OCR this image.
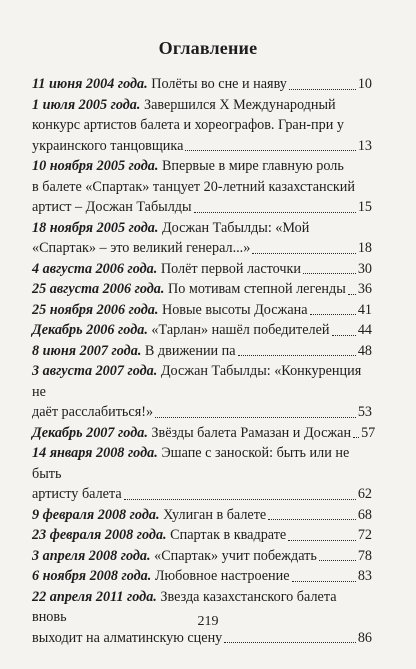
Оглавление
11 июня 2004 года. Полёты во сне и наяву	10
1 июля 2005 года. Завершился X Международный
конкурс артистов балета и хореографов. Гран-при у
украинского танцовщика	13
10 ноября 2005 года. Впервые в мире главную роль
в балете «Спартак» танцует 20-летний казахстанский
артист – Досжан Табылды	15
18 ноября 2005 года. Досжан Табылды: «Мой
«Спартак» – это великий генерал...»	18
4 августа 2006 года. Полёт первой ласточки	30
25 августа 2006 года. По мотивам степной легенды 36
25 ноября 2006 года. Новые высоты Досжана	41
Декабрь 2006 года. «Тарлан» нашёл победителей 44
8 июня 2007 года. В движении па	48
3 августа 2007 года. Досжан Табылды: «Конкуренция не
даёт расслабиться!»	53
Декабрь 2007 года. Звёзды балета Рамазан и Досжан 57
14 января 2008 года. Эшапе с заноской: быть или не быть
артисту балета	62
9 февраля 2008 года. Хулиган в балете	68
23 февраля 2008 года. Спартак в квадрате	72
3 апреля 2008 года. «Спартак» учит побеждать	78
6 ноября 2008 года. Любовное настроение	83
22 апреля 2011 года. Звезда казахстанского балета вновь
выходит на алматинскую сцену	86
219
